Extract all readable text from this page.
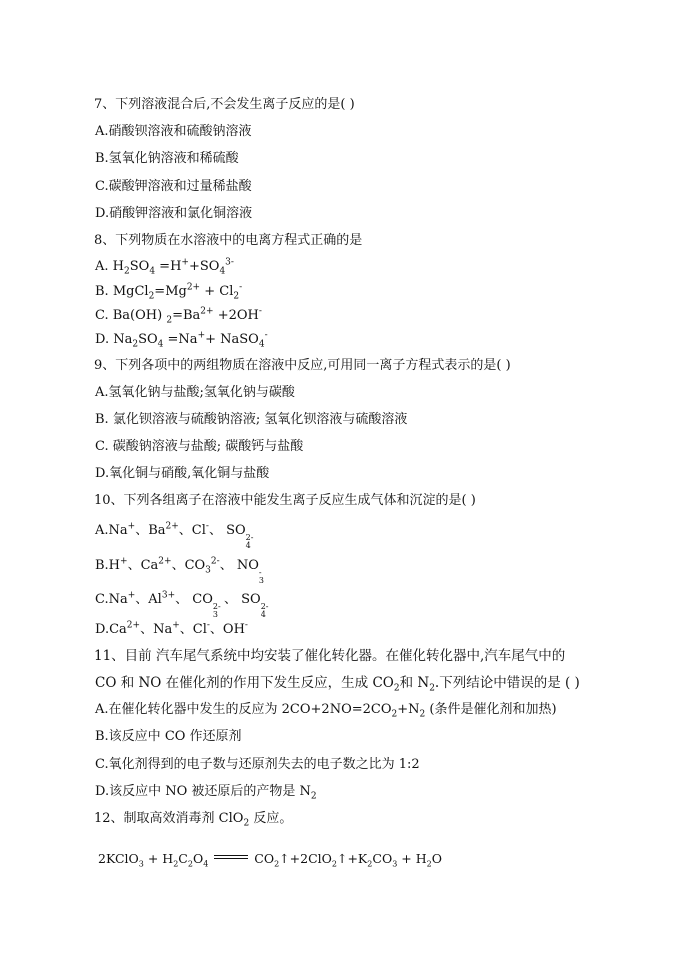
7、下列溶液混合后,不会发生离子反应的是( )
A.硝酸钡溶液和硫酸钠溶液
B.氢氧化钠溶液和稀硫酸
C.碳酸钾溶液和过量稀盐酸
D.硝酸钾溶液和氯化铜溶液
8、下列物质在水溶液中的电离方程式正确的是
A. $H_2SO_4 =H^++SO_4^{3-}$
B. $MgCl_2=Mg^{2+} + Cl_2^-$
C. Ba(OH) $_2=Ba^{2+} +2OH^-$
D. $Na_2SO_4 =Na^++$ NaSO$_4$-
9、下列各项中的两组物质在溶液中反应,可用同一离子方程式表示的是( )
A.氢氧化钠与盐酸;氢氧化钠与碳酸
B. 氯化钡溶液与硫酸钠溶液; 氢氧化钡溶液与硫酸溶液
C. 碳酸钠溶液与盐酸; 碳酸钙与盐酸
D.氧化铜与硝酸,氧化铜与盐酸
10、下列各组离子在溶液中能发生离子反应生成气体和沉淀的是( )
A.Na+、$Ba^{2+}$、Cl-、 SO 2-
4
B.H+、$Ca^{2+}$、$CO_3^{2-}$、 NO -
3
C.Na+、$Al^{3+}$、 CO 2-
3
、 SO 2-
4
$D.Ca^{2+}$、Na+、Cl-、OH-
11、目前 汽车尾气系统中均安装了催化转化器。在催化转化器中,汽车尾气中的
CO 和 NO 在催化剂的作用下发生反应，生成 $CO_2$和 $N_2$.下列结论中错误的是 ( )
A.在催化转化器中发生的反应为 $2CO+2NO=2CO_2+N_2$ (条件是催化剂和加热)
B.该反应中 CO 作还原剂
C.氧化剂得到的电子数与还原剂失去的电子数之比为 1:2
D.该反应中 NO 被还原后的产物是 $N_2$
12、制取高效消毒剂 ClO$_2$ 反应。
2KClO$_3$ + $H_2C_2O_4$	$CO_2↑+2ClO_2↑+K_2CO_3 + H_2O$
